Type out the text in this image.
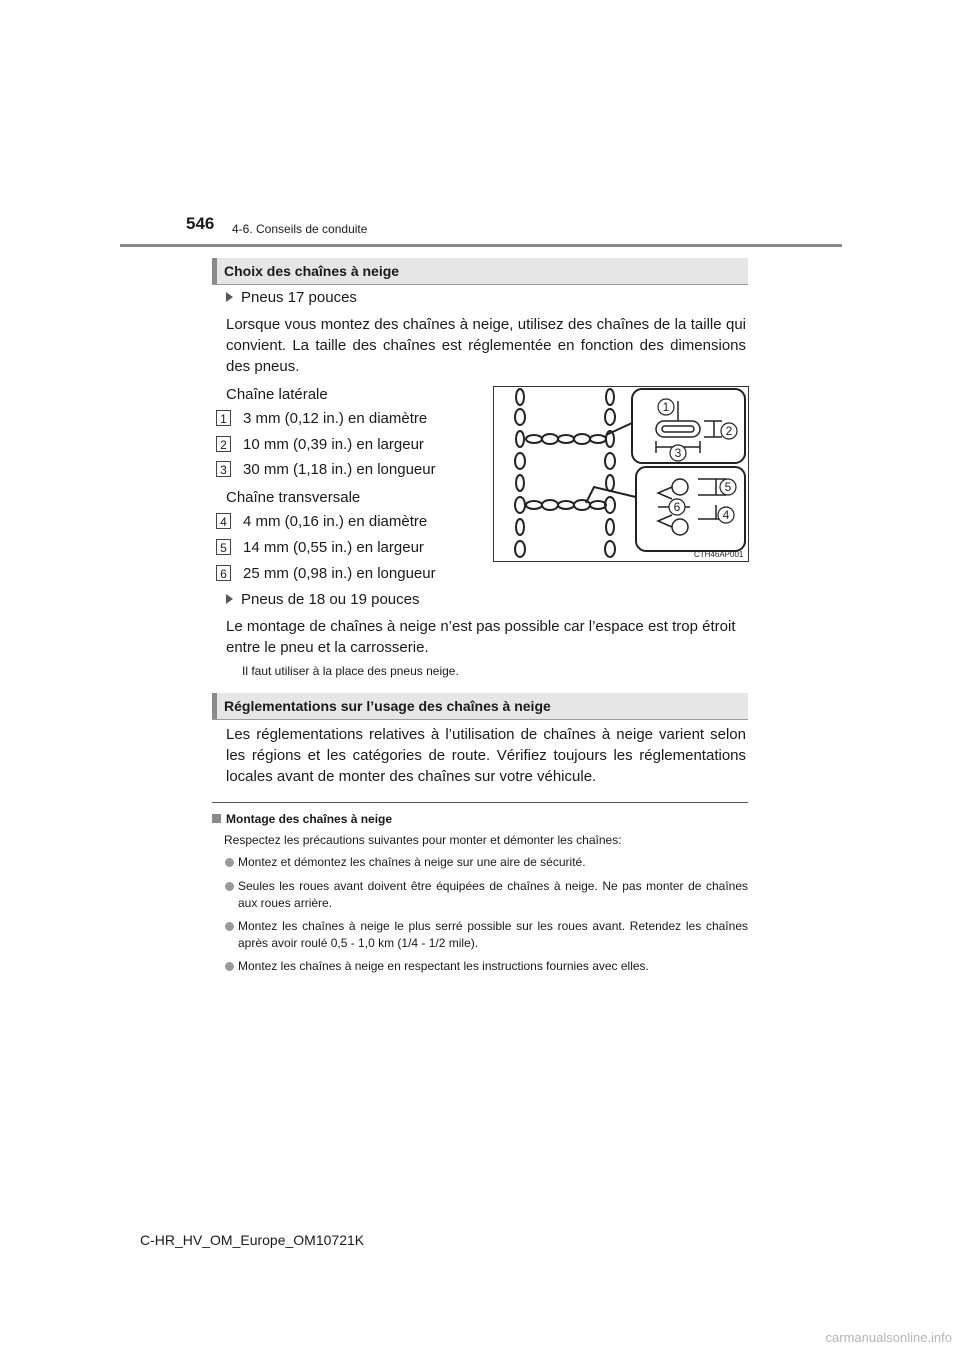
546 4-6. Conseils de conduite
Choix des chaînes à neige
Pneus 17 pouces
Lorsque vous montez des chaînes à neige, utilisez des chaînes de la taille qui convient. La taille des chaînes est réglementée en fonction des dimensions des pneus.
Chaîne latérale
1 3 mm (0,12 in.) en diamètre
2 10 mm (0,39 in.) en largeur
3 30 mm (1,18 in.) en longueur
Chaîne transversale
4 4 mm (0,16 in.) en diamètre
5 14 mm (0,55 in.) en largeur
6 25 mm (0,98 in.) en longueur
1
2
3
5
6
4
CTH46AP001
Pneus de 18 ou 19 pouces
Le montage de chaînes à neige n’est pas possible car l’espace est trop étroit entre le pneu et la carrosserie.
Il faut utiliser à la place des pneus neige.
Réglementations sur l’usage des chaînes à neige
Les réglementations relatives à l’utilisation de chaînes à neige varient selon les régions et les catégories de route. Vérifiez toujours les réglementations locales avant de monter des chaînes sur votre véhicule.
Montage des chaînes à neige
Respectez les précautions suivantes pour monter et démonter les chaînes:
Montez et démontez les chaînes à neige sur une aire de sécurité.
Seules les roues avant doivent être équipées de chaînes à neige. Ne pas monter de chaînes aux roues arrière.
Montez les chaînes à neige le plus serré possible sur les roues avant. Retendez les chaînes après avoir roulé 0,5 - 1,0 km (1/4 - 1/2 mile).
Montez les chaînes à neige en respectant les instructions fournies avec elles.
C-HR_HV_OM_Europe_OM10721K
carmanualsonline.info
